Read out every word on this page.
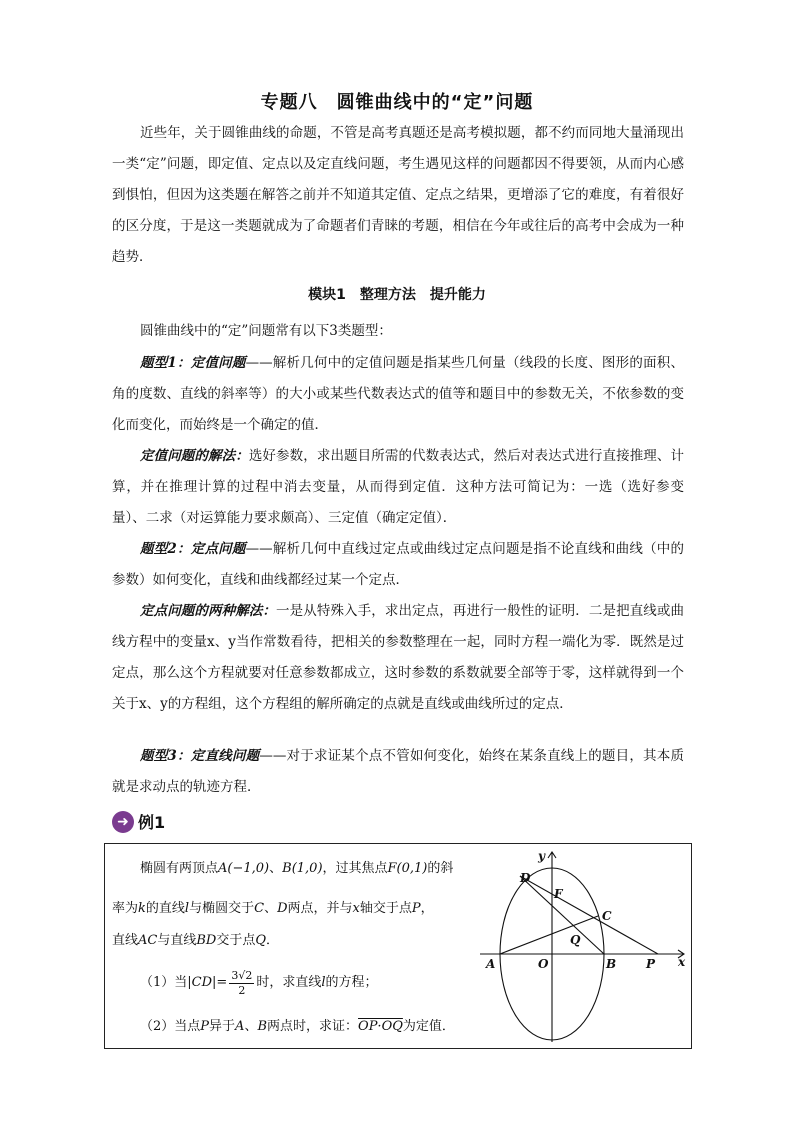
专题八　圆锥曲线中的“定”问题
近些年，关于圆锥曲线的命题，不管是高考真题还是高考模拟题，都不约而同地大量涌现出一类“定”问题，即定值、定点以及定直线问题，考生遇见这样的问题都因不得要领，从而内心感到惧怕，但因为这类题在解答之前并不知道其定值、定点之结果，更增添了它的难度，有着很好的区分度，于是这一类题就成为了命题者们青睐的考题，相信在今年或往后的高考中会成为一种趋势．
模块1　整理方法　提升能力
圆锥曲线中的“定”问题常有以下3类题型：
题型1：定值问题——解析几何中的定值问题是指某些几何量（线段的长度、图形的面积、角的度数、直线的斜率等）的大小或某些代数表达式的值等和题目中的参数无关，不依参数的变化而变化，而始终是一个确定的值．
定值问题的解法：选好参数，求出题目所需的代数表达式，然后对表达式进行直接推理、计算，并在推理计算的过程中消去变量，从而得到定值．这种方法可简记为：一选（选好参变量）、二求（对运算能力要求颇高）、三定值（确定定值）．
题型2：定点问题——解析几何中直线过定点或曲线过定点问题是指不论直线和曲线（中的参数）如何变化，直线和曲线都经过某一个定点．
定点问题的两种解法：一是从特殊入手，求出定点，再进行一般性的证明．二是把直线或曲线方程中的变量x、y当作常数看待，把相关的参数整理在一起，同时方程一端化为零．既然是过定点，那么这个方程就要对任意参数都成立，这时参数的系数就要全部等于零，这样就得到一个关于x、y的方程组，这个方程组的解所确定的点就是直线或曲线所过的定点．
题型3：定直线问题——对于求证某个点不管如何变化，始终在某条直线上的题目，其本质就是求动点的轨迹方程．
➜ 例1
椭圆有两顶点A(−1,0)、B(1,0)，过其焦点F(0,1)的斜
率为k的直线l与椭圆交于C、D两点，并与x轴交于点P，
直线AC与直线BD交于点Q．
（1）当 $|CD| = \frac{3√2}{2}$ 时，求直线 l 的方程；
（2）当点P异于A、B两点时，求证：OP·OQ为定值．
y
x
D
F
C
Q
A	O	B P
